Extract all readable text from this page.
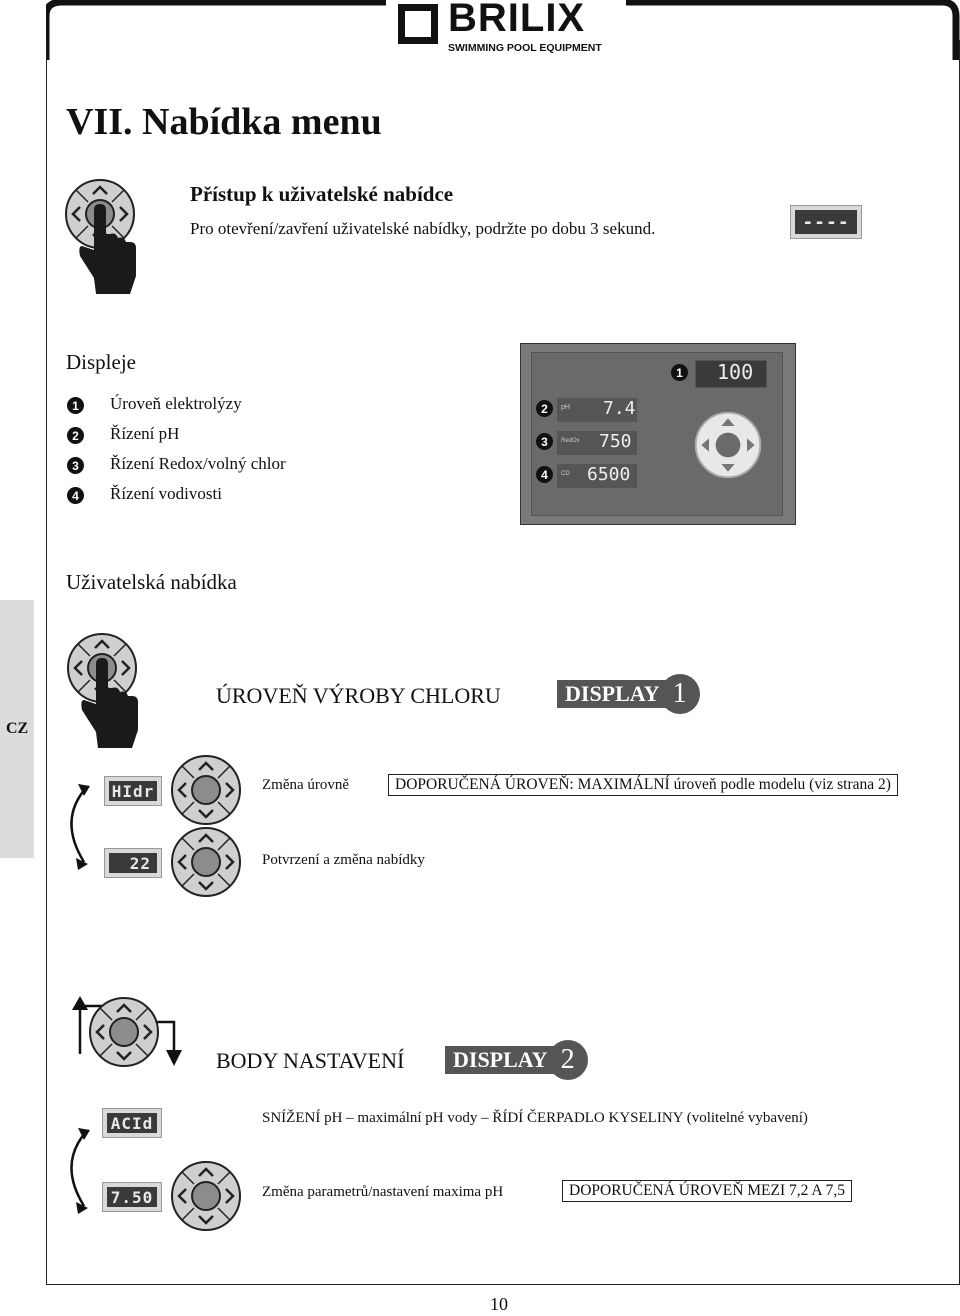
BRILIX
SWIMMING POOL EQUIPMENT
CZ
VII. Nabídka menu
Přístup k uživatelské nabídce
Pro otevření/zavření uživatelské nabídky, podržte po dobu 3 sekund.	----
Displeje
1	Úroveň elektrolýzy
2	Řízení pH
3	Řízení Redox/volný chlor
4	Řízení vodivosti
1 100
2	pH 7.4
3	RedOx 750
4	CD 6500
Uživatelská nabídka
ÚROVEŇ VÝROBY CHLORU	DISPLAY 1
HIdr	Změna úrovně	DOPORUČENÁ ÚROVEŇ: MAXIMÁLNÍ úroveň podle modelu (viz strana 2)
22	Potvrzení a změna nabídky
BODY NASTAVENÍ	DISPLAY 2
ACId	SNÍŽENÍ pH – maximální pH vody – ŘÍDÍ ČERPADLO KYSELINY (volitelné vybavení)
7.50	Změna parametrů/nastavení maxima pH	DOPORUČENÁ ÚROVEŇ MEZI 7,2 A 7,5
10
